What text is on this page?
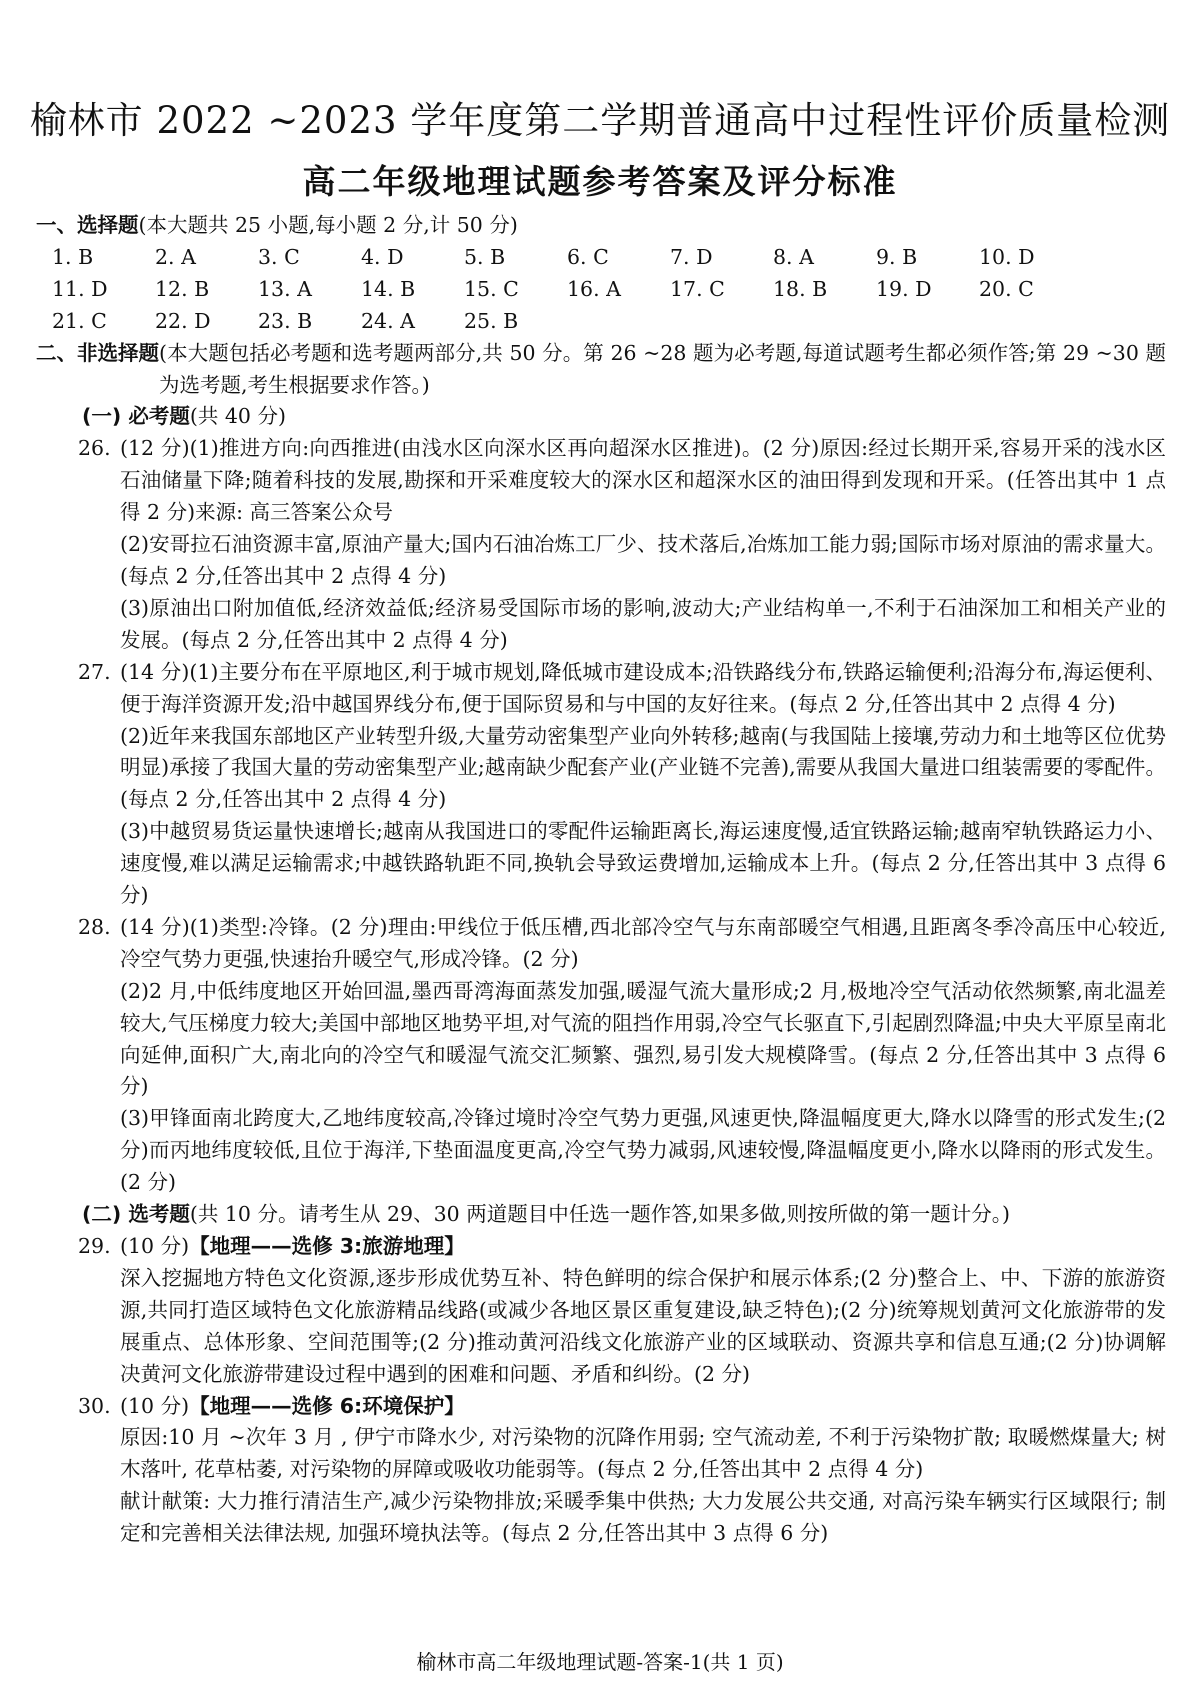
榆林市 2022 ~2023 学年度第二学期普通高中过程性评价质量检测
高二年级地理试题参考答案及评分标准
一、选择题(本大题共 25 小题,每小题 2 分,计 50 分)
1. B	2. A	3. C	4. D	5. B	6. C	7. D	8. A	9. B	10. D
11. D	12. B	13. A	14. B	15. C	16. A	17. C	18. B	19. D	20. C
21. C	22. D	23. B	24. A	25. B
二、非选择题 (本大题包括必考题和选考题两部分,共 50 分。第 26 ~28 题为必考题,每道试题考生都必须作答;第 29 ~30 题为选考题,考生根据要求作答。)
(一) 必考题(共 40 分)
26. (12 分)(1)推进方向:向西推进(由浅水区向深水区再向超深水区推进)。(2 分)原因:经过长期开采,容易开采的浅水区石油储量下降;随着科技的发展,勘探和开采难度较大的深水区和超深水区的油田得到发现和开采。(任答出其中 1 点得 2 分)来源: 高三答案公众号
(2)安哥拉石油资源丰富,原油产量大;国内石油冶炼工厂少、技术落后,冶炼加工能力弱;国际市场对原油的需求量大。(每点 2 分,任答出其中 2 点得 4 分)
(3)原油出口附加值低,经济效益低;经济易受国际市场的影响,波动大;产业结构单一,不利于石油深加工和相关产业的发展。(每点 2 分,任答出其中 2 点得 4 分)
27. (14 分)(1)主要分布在平原地区,利于城市规划,降低城市建设成本;沿铁路线分布,铁路运输便利;沿海分布,海运便利、便于海洋资源开发;沿中越国界线分布,便于国际贸易和与中国的友好往来。(每点 2 分,任答出其中 2 点得 4 分)
(2)近年来我国东部地区产业转型升级,大量劳动密集型产业向外转移;越南(与我国陆上接壤,劳动力和土地等区位优势明显)承接了我国大量的劳动密集型产业;越南缺少配套产业(产业链不完善),需要从我国大量进口组装需要的零配件。(每点 2 分,任答出其中 2 点得 4 分)
(3)中越贸易货运量快速增长;越南从我国进口的零配件运输距离长,海运速度慢,适宜铁路运输;越南窄轨铁路运力小、速度慢,难以满足运输需求;中越铁路轨距不同,换轨会导致运费增加,运输成本上升。(每点 2 分,任答出其中 3 点得 6 分)
28. (14 分)(1)类型:冷锋。(2 分)理由:甲线位于低压槽,西北部冷空气与东南部暖空气相遇,且距离冬季冷高压中心较近,冷空气势力更强,快速抬升暖空气,形成冷锋。(2 分)
(2)2 月,中低纬度地区开始回温,墨西哥湾海面蒸发加强,暖湿气流大量形成;2 月,极地冷空气活动依然频繁,南北温差较大,气压梯度力较大;美国中部地区地势平坦,对气流的阻挡作用弱,冷空气长驱直下,引起剧烈降温;中央大平原呈南北向延伸,面积广大,南北向的冷空气和暖湿气流交汇频繁、强烈,易引发大规模降雪。(每点 2 分,任答出其中 3 点得 6 分)
(3)甲锋面南北跨度大,乙地纬度较高,冷锋过境时冷空气势力更强,风速更快,降温幅度更大,降水以降雪的形式发生;(2 分)而丙地纬度较低,且位于海洋,下垫面温度更高,冷空气势力减弱,风速较慢,降温幅度更小,降水以降雨的形式发生。(2 分)
(二) 选考题(共 10 分。请考生从 29、30 两道题目中任选一题作答,如果多做,则按所做的第一题计分。)
29. (10 分)【地理——选修 3:旅游地理】
深入挖掘地方特色文化资源,逐步形成优势互补、特色鲜明的综合保护和展示体系;(2 分)整合上、中、下游的旅游资源,共同打造区域特色文化旅游精品线路(或减少各地区景区重复建设,缺乏特色);(2 分)统筹规划黄河文化旅游带的发展重点、总体形象、空间范围等;(2 分)推动黄河沿线文化旅游产业的区域联动、资源共享和信息互通;(2 分)协调解决黄河文化旅游带建设过程中遇到的困难和问题、矛盾和纠纷。(2 分)
30. (10 分)【地理——选修 6:环境保护】
原因:10 月 ~次年 3 月 , 伊宁市降水少, 对污染物的沉降作用弱; 空气流动差, 不利于污染物扩散; 取暖燃煤量大; 树木落叶, 花草枯萎, 对污染物的屏障或吸收功能弱等。(每点 2 分,任答出其中 2 点得 4 分)
献计献策: 大力推行清洁生产,减少污染物排放;采暖季集中供热; 大力发展公共交通, 对高污染车辆实行区域限行; 制定和完善相关法律法规, 加强环境执法等。(每点 2 分,任答出其中 3 点得 6 分)
榆林市高二年级地理试题-答案-1(共 1 页)
